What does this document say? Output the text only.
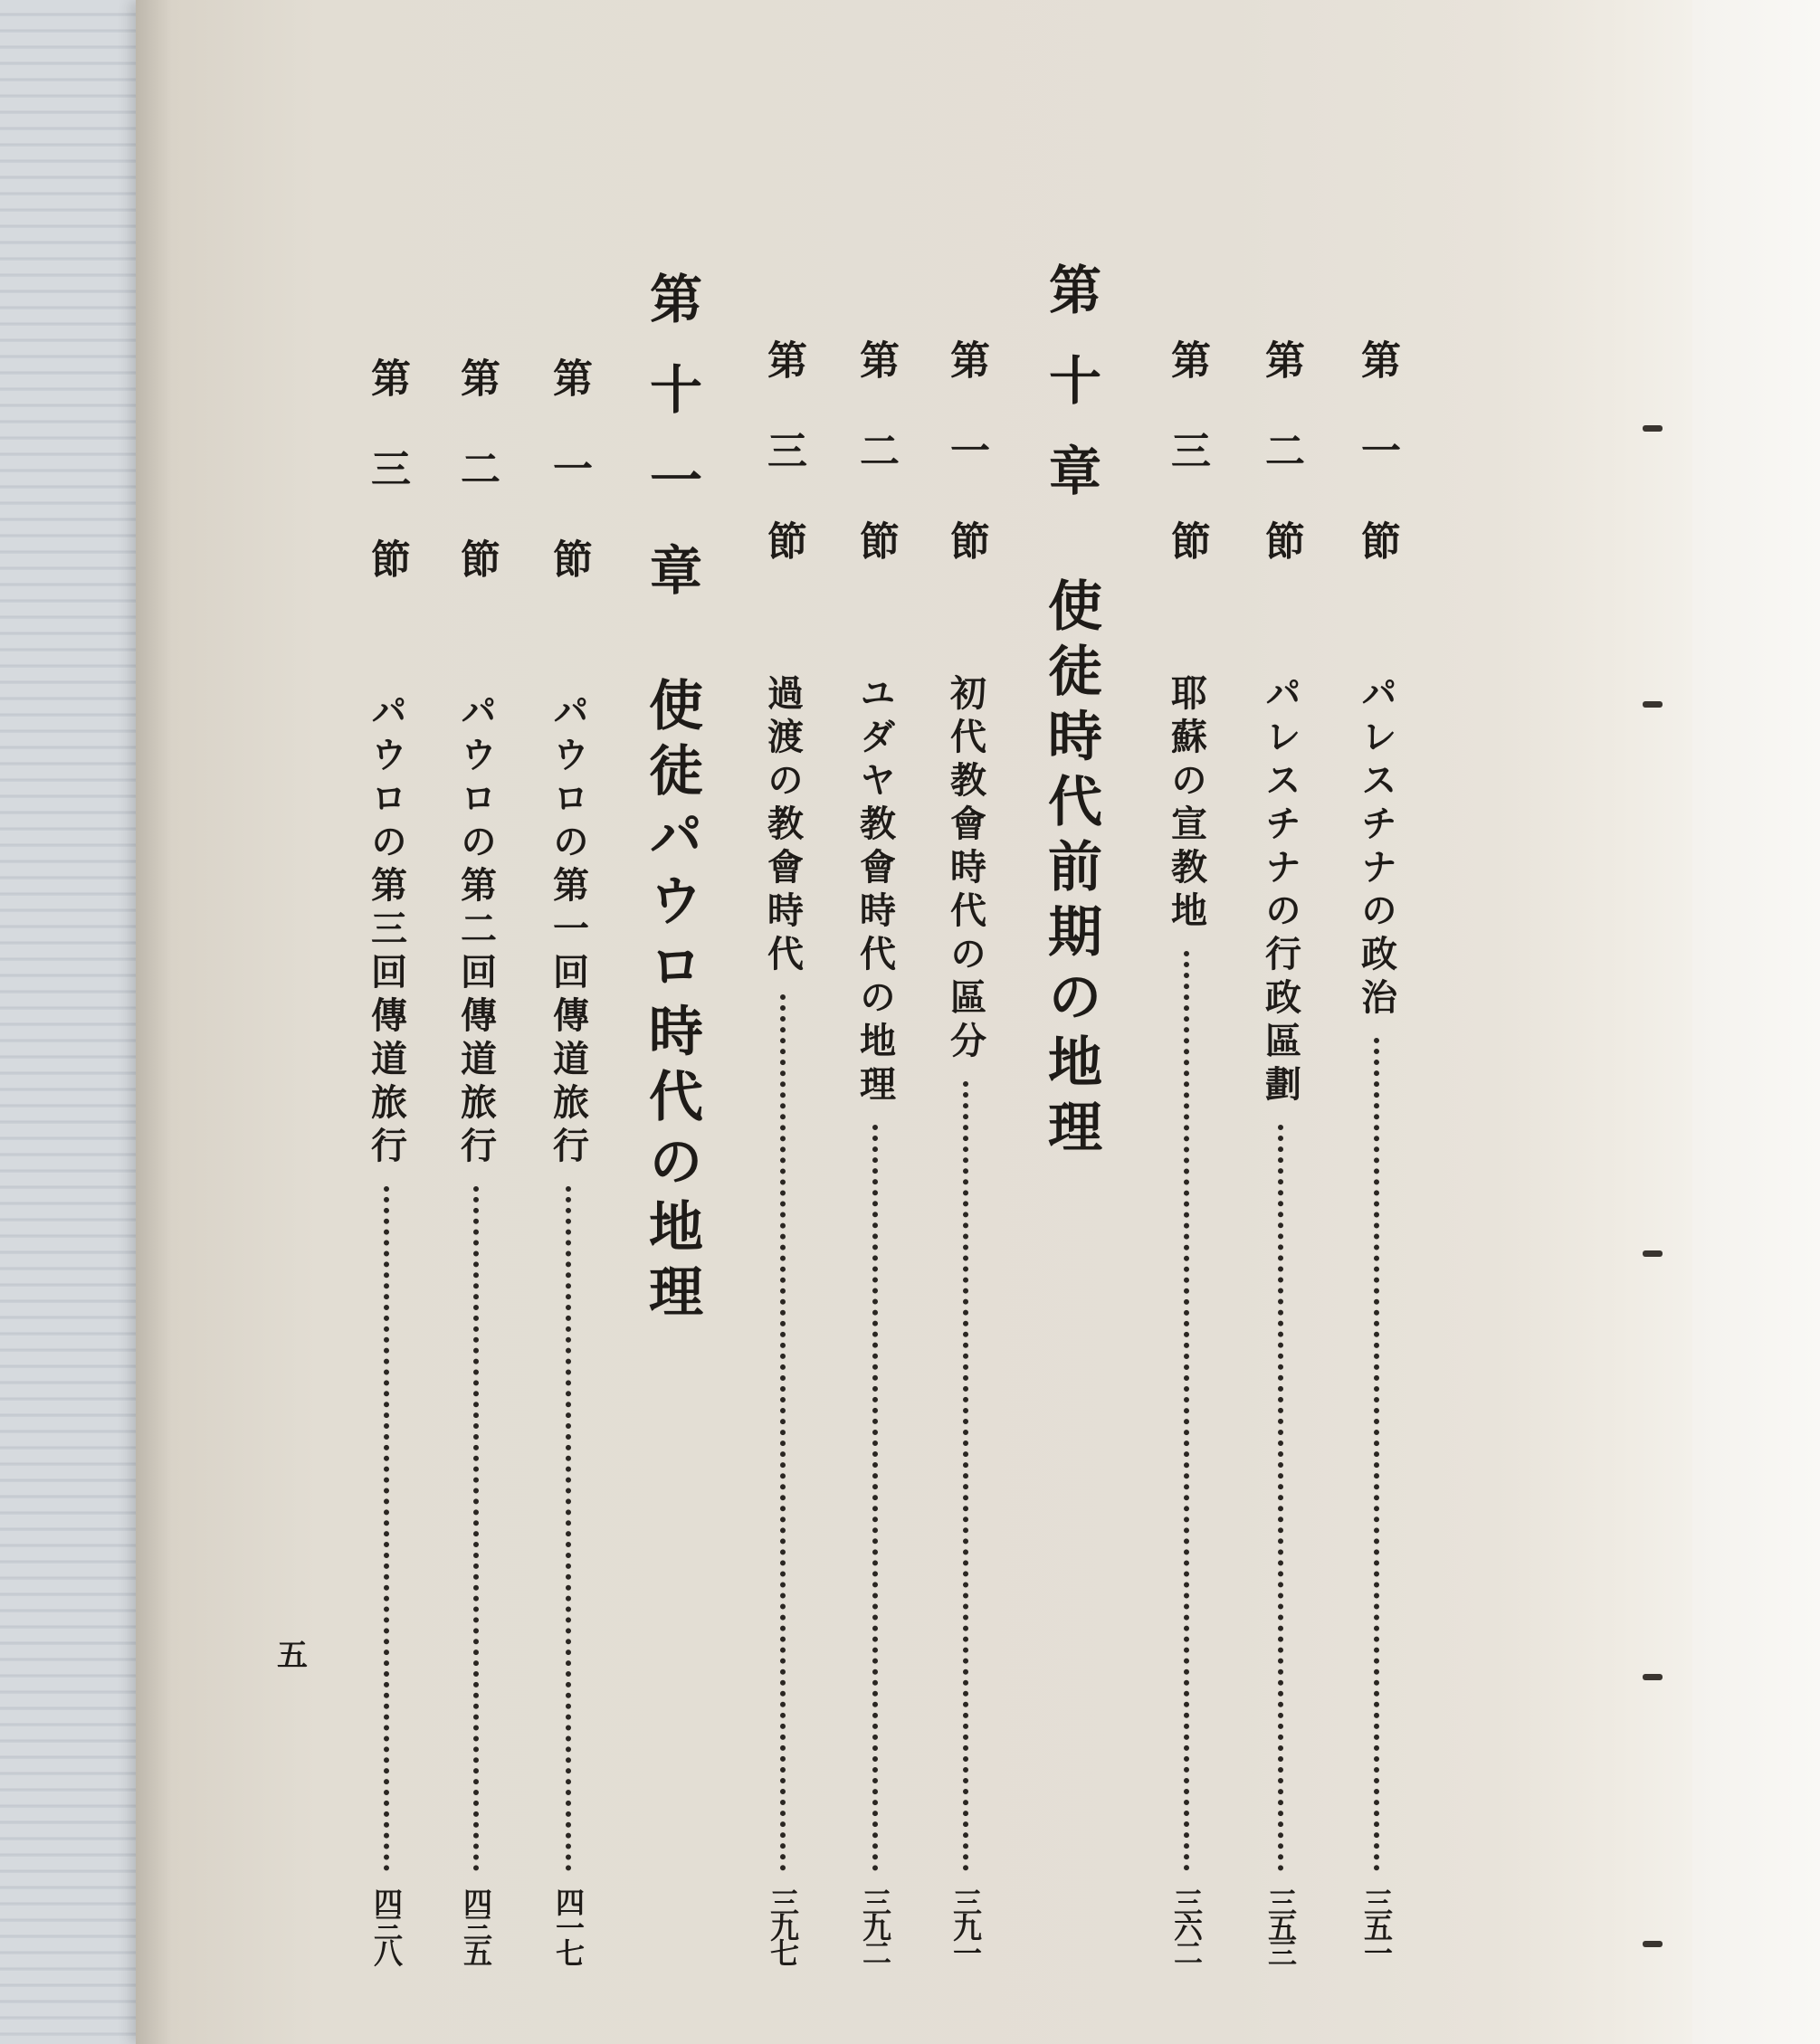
第一節
パレスチナの政治
三五一
第二節
パレスチナの行政區劃
三五三
第三節
耶蘇の宣教地
三六二
第十章
使徒時代前期の地理
第一節
初代教會時代の區分
三九一
第二節
ユダヤ教會時代の地理
三九二
第三節
過渡の教會時代
三九七
第十一章
使徒パウロ時代の地理
第一節
パウロの第一回傳道旅行
四一七
第二節
パウロの第二回傳道旅行
四三五
第三節
パウロの第三回傳道旅行
四三八
五
